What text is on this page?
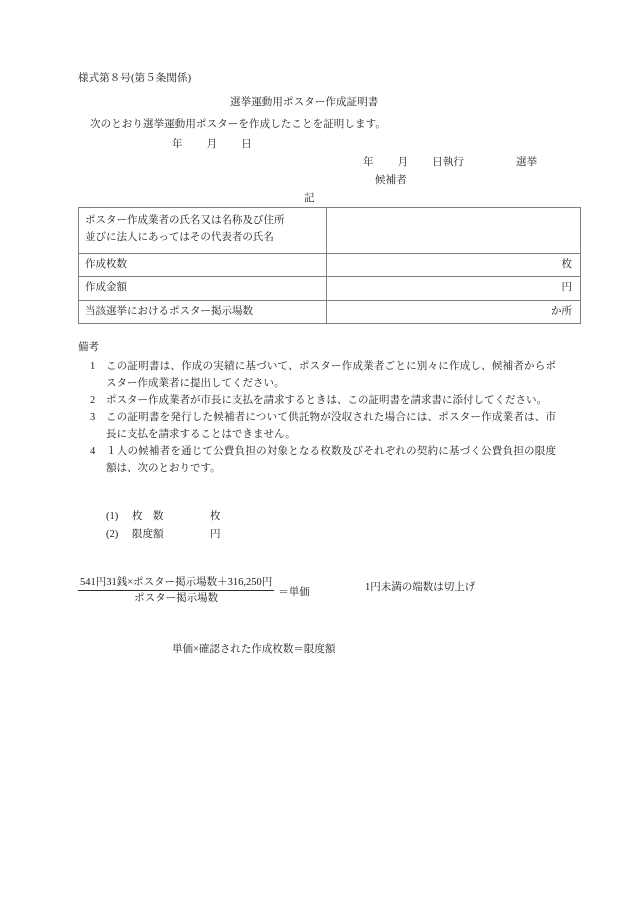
様式第８号(第５条関係)
選挙運動用ポスター作成証明書
次のとおり選挙運動用ポスターを作成したことを証明します。
年 月 日
年 月 日執行	選挙
候補者
記
ポスター作成業者の氏名又は名称及び住所
並びに法人にあってはその代表者の氏名	

作成枚数	枚
作成金額	円
当該選挙におけるポスター掲示場数	か所
備考
1 この証明書は、作成の実績に基づいて、ポスター作成業者ごとに別々に作成し、候補者からポスター作成業者に提出してください。
2 ポスター作成業者が市長に支払を請求するときは、この証明書を請求書に添付してください。
3 この証明書を発行した候補者について供託物が没収された場合には、ポスター作成業者は、市長に支払を請求することはできません。
4 １人の候補者を通じて公費負担の対象となる枚数及びそれぞれの契約に基づく公費負担の限度額は、次のとおりです。
(1) 枚　数	枚
(2) 限度額	円
$\frac{\text{541円31銭×ポスター掲示場数＋316,250円}}{\text{ポスター掲示場数}}$ ＝単価	1円未満の端数は切上げ
単価×確認された作成枚数＝限度額
